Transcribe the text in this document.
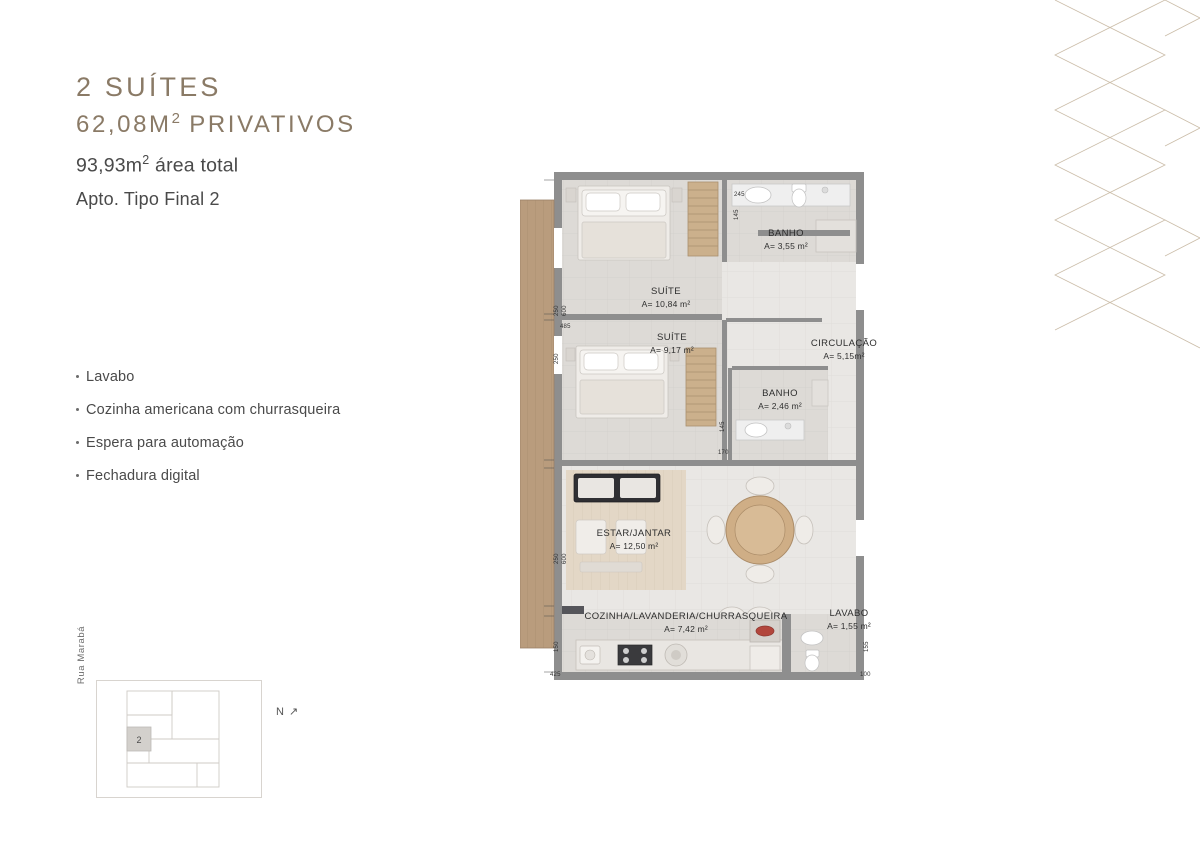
2 SUÍTES
$62,08M^2$ PRIVATIVOS
$93,93m^2$ área total
Apto. Tipo Final 2
Lavabo
Cozinha americana com churrasqueira
Espera para automação
Fechadura digital
Rua Marabá
2
N ↗
BANHO
A= 3,55 m²
SUÍTE
A= 10,84 m²
SUÍTE
A= 9,17 m²
CIRCULAÇÃO
A= 5,15m²
BANHO
A= 2,46 m²
ESTAR/JANTAR
A= 12,50 m²
COZINHA/LAVANDERIA/CHURRASQUEIRA
A= 7,42 m²
LAVABO
A= 1,55 m²
245
145
250 600
485
250
145
170
250 600
150
425
155
100
